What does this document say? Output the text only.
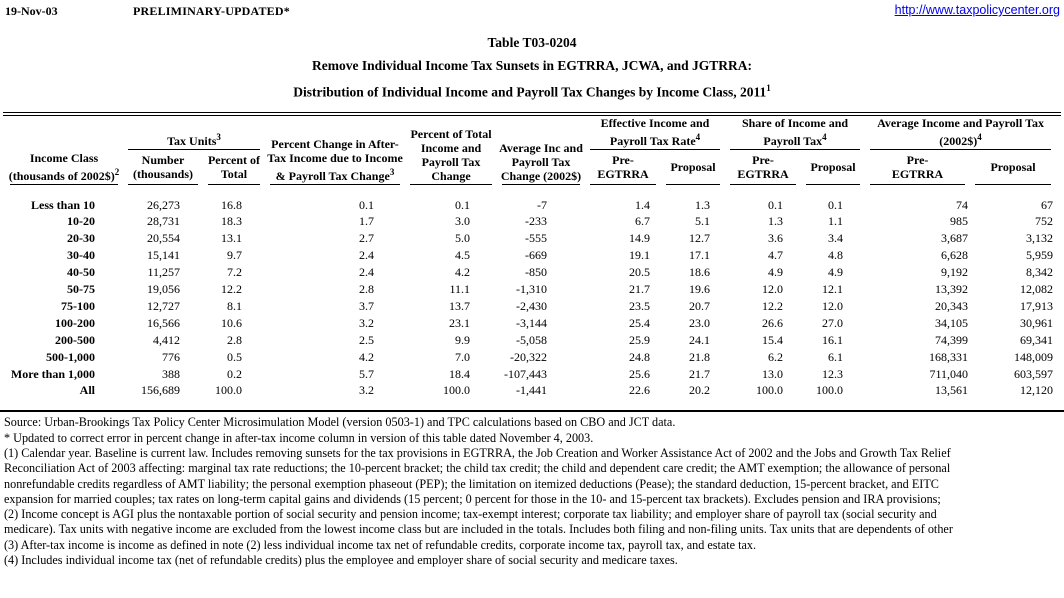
19-Nov-03	PRELIMINARY-UPDATED*	http://www.taxpolicycenter.org
Table T03-0204
Remove Individual Income Tax Sunsets in EGTRRA, JCWA, and JGTRRA:
Distribution of Individual Income and Payroll Tax Changes by Income Class, 2011$^1$
Income Class (thousands of 2002$)$^2$	Tax Units$^3$		Percent Change in After-Tax Income due to Income & Payroll Tax Change$^3$	Percent of Total Income and Payroll Tax Change	Average Inc and Payroll Tax Change (2002$)	Effective Income and Payroll Tax Rate$^4$		Share of Income and Payroll Tax$^4$		Average Income and Payroll Tax (2002$)$^4$
	Number (thousands)	Percent of Total				Pre-EGTRRA	Proposal	Pre-EGTRRA	Proposal	Pre-EGTRRA	Proposal
Less than 10	26,273	16.8	0.1	0.1	-7	1.4	1.3	0.1	0.1	74	67
10-20	28,731	18.3	1.7	3.0	-233	6.7	5.1	1.3	1.1	985	752
20-30	20,554	13.1	2.7	5.0	-555	14.9	12.7	3.6	3.4	3,687	3,132
30-40	15,141	9.7	2.4	4.5	-669	19.1	17.1	4.7	4.8	6,628	5,959
40-50	11,257	7.2	2.4	4.2	-850	20.5	18.6	4.9	4.9	9,192	8,342
50-75	19,056	12.2	2.8	11.1	-1,310	21.7	19.6	12.0	12.1	13,392	12,082
75-100	12,727	8.1	3.7	13.7	-2,430	23.5	20.7	12.2	12.0	20,343	17,913
100-200	16,566	10.6	3.2	23.1	-3,144	25.4	23.0	26.6	27.0	34,105	30,961
200-500	4,412	2.8	2.5	9.9	-5,058	25.9	24.1	15.4	16.1	74,399	69,341
500-1,000	776	0.5	4.2	7.0	-20,322	24.8	21.8	6.2	6.1	168,331	148,009
More than 1,000	388	0.2	5.7	18.4	-107,443	25.6	21.7	13.0	12.3	711,040	603,597
All	156,689	100.0	3.2	100.0	-1,441	22.6	20.2	100.0	100.0	13,561	12,120
Source: Urban-Brookings Tax Policy Center Microsimulation Model (version 0503-1) and TPC calculations based on CBO and JCT data.
* Updated to correct error in percent change in after-tax income column in version of this table dated November 4, 2003.
(1) Calendar year. Baseline is current law. Includes removing sunsets for the tax provisions in EGTRRA, the Job Creation and Worker Assistance Act of 2002 and the Jobs and Growth Tax Relief
Reconciliation Act of 2003 affecting: marginal tax rate reductions; the 10-percent bracket; the child tax credit; the child and dependent care credit; the AMT exemption; the allowance of personal
nonrefundable credits regardless of AMT liability; the personal exemption phaseout (PEP); the limitation on itemized deductions (Pease); the standard deduction, 15-percent bracket, and EITC
expansion for married couples; tax rates on long-term capital gains and dividends (15 percent; 0 percent for those in the 10- and 15-percent tax brackets). Excludes pension and IRA provisions;
(2) Income concept is AGI plus the nontaxable portion of social security and pension income; tax-exempt interest; corporate tax liability; and employer share of payroll tax (social security and
medicare). Tax units with negative income are excluded from the lowest income class but are included in the totals. Includes both filing and non-filing units. Tax units that are dependents of other
(3) After-tax income is income as defined in note (2) less individual income tax net of refundable credits, corporate income tax, payroll tax, and estate tax.
(4) Includes individual income tax (net of refundable credits) plus the employee and employer share of social security and medicare taxes.
